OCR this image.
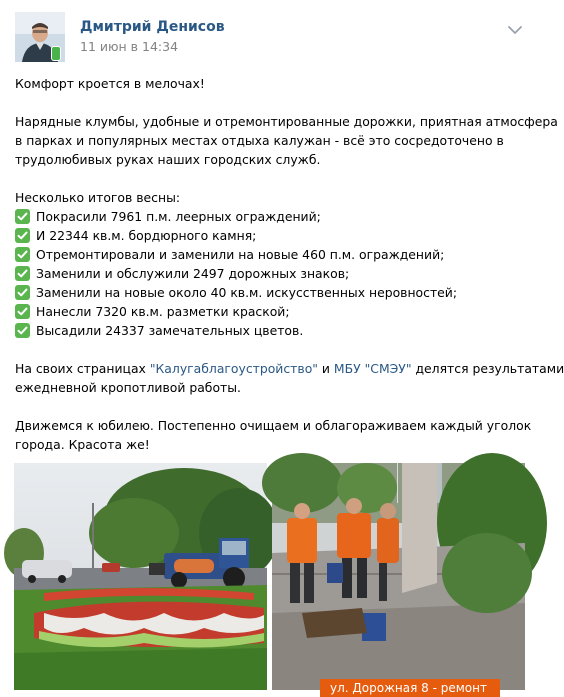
Дмитрий Денисов
11 июн в 14:34

Комфорт кроется в мелочах!

Нарядные клумбы, удобные и отремонтированные дорожки, приятная атмосфера

в парках и популярных местах отдыха калужан - всё это сосредоточено в

трудолюбивых руках наших городских служб.

Несколько итогов весны:

Покрасили 7961 п.м. леерных ограждений;
И 22344 кв.м. бордюрного камня;
Отремонтировали и заменили на новые 460 п.м. ограждений;
Заменили и обслужили 2497 дорожных знаков;
Заменили на новые около 40 кв.м. искусственных неровностей;
Нанесли 7320 кв.м. разметки краской;
Высадили 24337 замечательных цветов.

На своих страницах "Калугаблагоустройство" и МБУ "СМЭУ" делятся результатами

ежедневной кропотливой работы.

Движемся к юбилею. Постепенно очищаем и облагораживаем каждый уголок

города. Красота же!

ул. Дорожная 8 - ремонт
